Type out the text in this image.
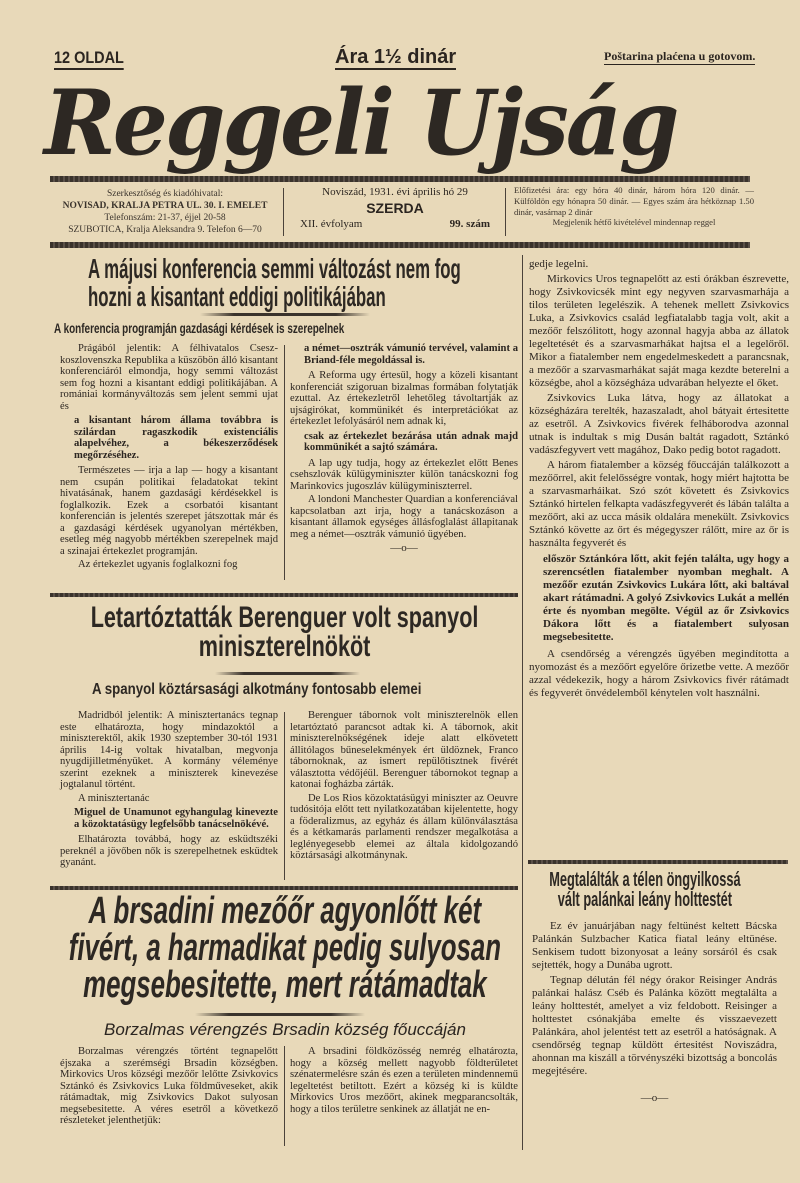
12 OLDAL	Ára 1½ dinár	Poštarina plaćena u gotovom.
Reggeli Ujság
Szerkesztőség és kiadóhivatal:
NOVISAD, KRALJA PETRA UL. 30. I. EMELET
Telefonszám: 21-37, éjjel 20-58
SZUBOTICA, Kralja Aleksandra 9. Telefon 6—70
Noviszád, 1931. évi április hó 29
SZERDA
XII. évfolyam	99. szám
Előfizetési ára: egy hóra 40 dinár, három hóra 120 dinár. — Külföldön egy hónapra 50 dinár. — Egyes szám ára hétköznap 1.50 dinár, vasárnap 2 dinár
Megjelenik hétfő kivételével mindennap reggel
A májusi konferencia semmi változást nem fog
hozni a kisantant eddigi politikájában
A konferencia programján gazdasági kérdések is szerepelnek

Prágából jelentik: A félhivatalos Csesz-koszlovenszka Republika a küszöbön álló kisantant konferenciáról elmondja, hogy semmi változást sem fog hozni a kisantant eddigi politikájában. A romániai kormányváltozás sem jelent semmi ujat és

a kisantant három állama továbbra is szilárdan ragaszkodik existenciális alapelvéhez, a békeszerződések megőrzéséhez.

Természetes — irja a lap — hogy a kisantant nem csupán politikai feladatokat tekint hivatásának, hanem gazdasági kérdésekkel is foglalkozik. Ezek a csorbatói kisantant konferencián is jelentés szerepet játszottak már és a gazdasági kérdések ugyanolyan mértékben, esetleg még nagyobb mértékben szerepelnek majd a szinajai értekezlet programján.

Az értekezlet ugyanis foglalkozni fog

a német—osztrák vámunió tervével, valamint a Briand-féle megoldással is.

A Reforma ugy értesül, hogy a közeli kisantant konferenciát szigoruan bizalmas formában folytatják ezuttal. Az értekezletről lehetőleg távoltartják az ujságirókat, kommünikét és interpretációkat az értekezlet lefolyásáról nem adnak ki,

csak az értekezlet bezárása után adnak majd kommünikét a sajtó számára.

A lap ugy tudja, hogy az értekezlet előtt Benes csehszlovák külügyminiszter külön tanácskozni fog Marinkovics jugoszláv külügyminiszterrel.

A londoni Manchester Quardian a konferenciával kapcsolatban azt irja, hogy a tanácskozáson a kisantant államok egységes állásfoglalást állapitanak meg a német—osztrák vámunió ügyében.

—o—
Letartóztatták Berenguer volt spanyol
miniszterelnököt
A spanyol köztársasági alkotmány fontosabb elemei

Madridból jelentik: A minisztertanács tegnap este elhatározta, hogy mindazoktól a miniszterektől, akik 1930 szeptember 30-tól 1931 április 14-ig voltak hivatalban, megvonja nyugdijilletményüket. A kormány véleménye szerint ezeknek a miniszterek kinevezése jogtalanul történt.

A minisztertanác

Miguel de Unamunot egyhangulag kinevezte a közoktatásügy legfelsőbb tanácselnökévé.

Elhatározta továbbá, hogy az esküdtszéki pereknél a jövőben nők is szerepelhetnek esküdtek gyanánt.

Berenguer tábornok volt miniszterelnök ellen letartóztató parancsot adtak ki. A tábornok, akit miniszterelnökségének ideje alatt elkövetett állitólagos bűneselekmények ért üldöznek, Franco tábornoknak, az ismert repülőtisztnek fivérét választotta védőjéül. Berenguer tábornokot tegnap a katonai fogházba zárták.

De Los Rios közoktatásügyi miniszter az Oeuvre tudósitója előtt tett nyilatkozatában kijelentette, hogy a föderalizmus, az egyház és állam különválasztása és a kétkamarás parlamenti rendszer megalkotása a leglényegesebb elemei az általa kidolgozandó köztársasági alkotmánynak.

A brsadini mezőőr agyonlőtt két
fivért, a harmadikat pedig sulyosan
megsebesitette, mert rátámadtak
Borzalmas vérengzés Brsadin község főuccáján

Borzalmas vérengzés történt tegnapelőtt éjszaka a szerémségi Brsadin községben. Mirkovics Uros községi mezőőr lelőtte Zsivkovics Sztánkó és Zsivkovics Luka földműveseket, akik rátámadtak, mig Zsivkovics Dakot sulyosan megsebesitette. A véres esetről a következő részleteket jelenthetjük:

A brsadini földközösség nemrég elhatározta, hogy a község mellett nagyobb földterületet szénatermelésre szán és ezen a területen mindennemű legeltetést betiltott. Ezért a község ki is küldte Mirkovics Uros mezőőrt, akinek megparancsolták, hogy a tilos területre senkinek az állatját ne en-

gedje legelni.

Mirkovics Uros tegnapelőtt az esti órákban észrevette, hogy Zsivkovicsék mint egy negyven szarvasmarhája a tilos területen legelészik. A tehenek mellett Zsivkovics Luka, a Zsivkovics család legfiatalabb tagja volt, akit a mezőőr felszólitott, hogy azonnal hagyja abba az állatok legeltetését és a szarvasmarhákat hajtsa el a legelőről. Mikor a fiatalember nem engedelmeskedett a parancsnak, a mezőőr a szarvasmarhákat saját maga kezdte beterelni a községbe, ahol a községháza udvarában helyezte el őket.

Zsivkovics Luka látva, hogy az állatokat a községházára terelték, hazaszaladt, ahol bátyait értesitette az esetről. A Zsivkovics fivérek felháborodva azonnal utnak is indultak s mig Dusán baltát ragadott, Sztánkó vadászfegyvert vett magához, Dako pedig botot ragadott.

A három fiatalember a község főuccáján találkozott a mezőőrrel, akit felelősségre vontak, hogy miért hajtotta be a szarvasmarháikat. Szó szót követett és Zsivkovics Sztánkó hirtelen felkapta vadászfegyverét és lábán találta a mezőőrt, aki az ucca másik oldalára menekült. Zsivkovics Sztánkó követte az őrt és mégegyszer rálőtt, mire az őr is használta fegyverét és

először Sztánkóra lőtt, akit fején találta, ugy hogy a szerencsétlen fiatalember nyomban meghalt. A mezőőr ezután Zsivkovics Lukára lőtt, aki baltával akart rátámadni. A golyó Zsivkovics Lukát a mellén érte és nyomban megölte. Végül az őr Zsivkovics Dákora lőtt és a fiatalembert sulyosan megsebesitette.

A csendőrség a vérengzés ügyében megindította a nyomozást és a mezőőrt egyelőre őrizetbe vette. A mezőőr azzal védekezik, hogy a három Zsivkovics fivér rátámadt és fegyverét önvédelemből kénytelen volt használni.

Megtalálták a télen öngyilkossá
vált palánkai leány holttestét

Ez év januárjában nagy feltünést keltett Bácska Palánkán Sulzbacher Katica fiatal leány eltünése. Senkisem tudott bizonyosat a leány sorsáról és csak sejtették, hogy a Dunába ugrott.

Tegnap délután fél négy órakor Reisinger András palánkai halász Cséb és Palánka között megtalálta a leány holttestét, amelyet a viz feldobott. Reisinger a holttestet csónakjába emelte és visszaevezett Palánkára, ahol jelentést tett az esetről a hatóságnak. A csendőrség tegnap küldött értesitést Noviszádra, ahonnan ma kiszáll a törvényszéki bizottság a boncolás megejtésére.

—o—
